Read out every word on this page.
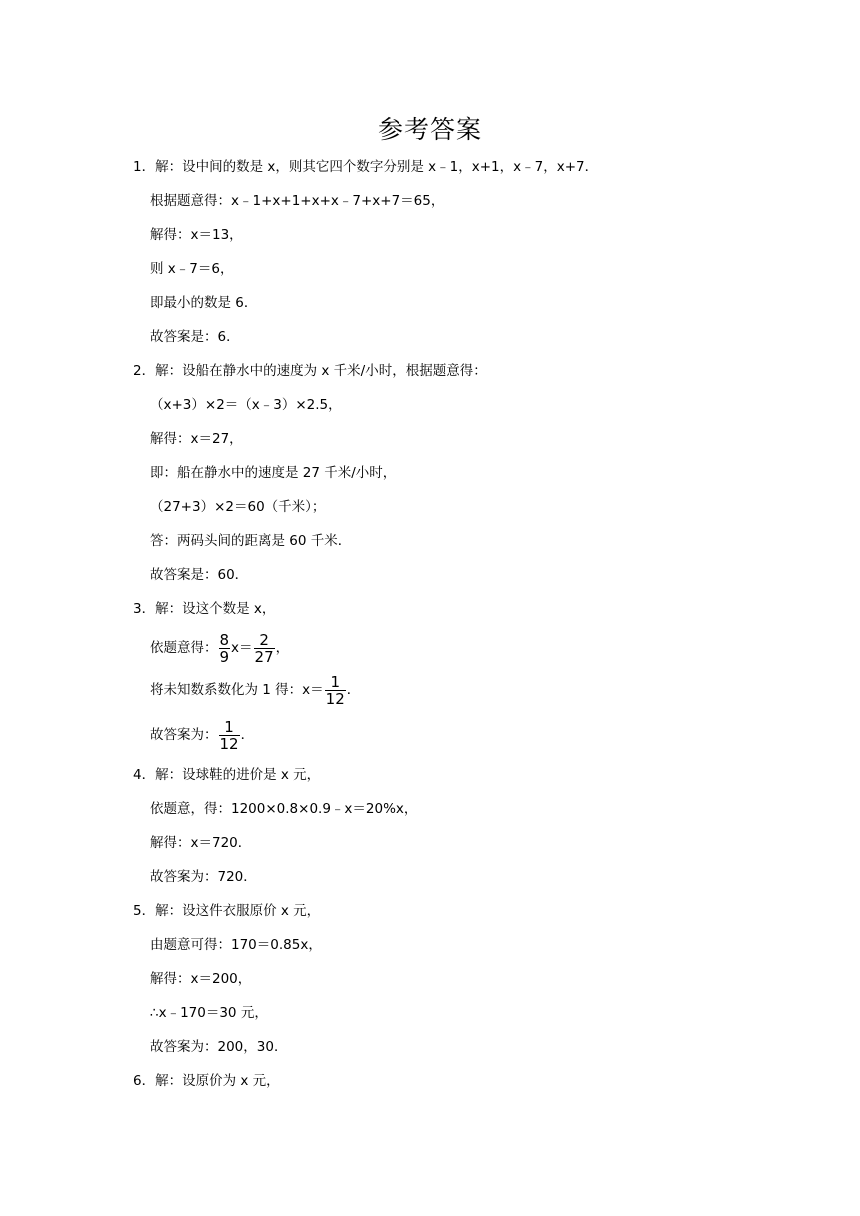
参考答案
1．解：设中间的数是 x，则其它四个数字分别是 x﹣1，x+1，x﹣7，x+7．
根据题意得：x﹣1+x+1+x+x﹣7+x+7＝65，
解得：x＝13，
则 x﹣7＝6，
即最小的数是 6．
故答案是：6．
2．解：设船在静水中的速度为 x 千米/小时，根据题意得：
（x+3）×2＝（x﹣3）×2.5，
解得：x＝27，
即：船在静水中的速度是 27 千米/小时，
（27+3）×2＝60（千米）；
答：两码头间的距离是 60 千米．
故答案是：60．
3．解：设这个数是 x，
依题意得： $\frac{8}{9} x= \frac{2}{27}$ ，
将未知数系数化为 1 得：$x= \frac{1}{12}$ ．
故答案为： $\frac{1}{12}$ ．
4．解：设球鞋的进价是 x 元，
依题意，得：1200×0.8×0.9﹣x＝20%x，
解得：x＝720．
故答案为：720．
5．解：设这件衣服原价 x 元，
由题意可得：170＝0.85x，
解得：x＝200，
∴x﹣170＝30 元，
故答案为：200，30．
6．解：设原价为 x 元，
